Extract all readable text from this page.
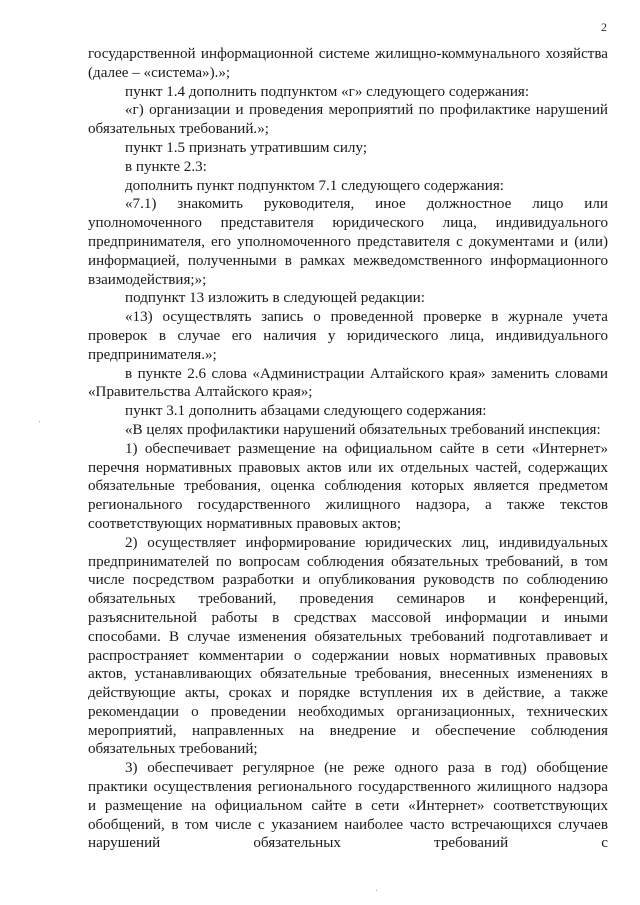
2

государственной информационной системе жилищно-коммунального хозяйства (далее – «система»).»;

пункт 1.4 дополнить подпунктом «г» следующего содержания:

«г) организации и проведения мероприятий по профилактике нарушений обязательных требований.»;

пункт 1.5 признать утратившим силу;

в пункте 2.3:

дополнить пункт подпунктом 7.1 следующего содержания:

«7.1) знакомить руководителя, иное должностное лицо или уполномоченного представителя юридического лица, индивидуального предпринимателя, его уполномоченного представителя с документами и (или) информацией, полученными в рамках межведомственного информационного взаимодействия;»;

подпункт 13 изложить в следующей редакции:

«13) осуществлять запись о проведенной проверке в журнале учета проверок в случае его наличия у юридического лица, индивидуального предпринимателя.»;

в пункте 2.6 слова «Администрации Алтайского края» заменить словами «Правительства Алтайского края»;

пункт 3.1 дополнить абзацами следующего содержания:

«В целях профилактики нарушений обязательных требований инспекция:

1) обеспечивает размещение на официальном сайте в сети «Интернет» перечня нормативных правовых актов или их отдельных частей, содержащих обязательные требования, оценка соблюдения которых является предметом регионального государственного жилищного надзора, а также текстов соответствующих нормативных правовых актов;

2) осуществляет информирование юридических лиц, индивидуальных предпринимателей по вопросам соблюдения обязательных требований, в том числе посредством разработки и опубликования руководств по соблюдению обязательных требований, проведения семинаров и конференций, разъяснительной работы в средствах массовой информации и иными способами. В случае изменения обязательных требований подготавливает и распространяет комментарии о содержании новых нормативных правовых актов, устанавливающих обязательные требования, внесенных изменениях в действующие акты, сроках и порядке вступления их в действие, а также рекомендации о проведении необходимых организационных, технических мероприятий, направленных на внедрение и обеспечение соблюдения обязательных требований;

3) обеспечивает регулярное (не реже одного раза в год) обобщение практики осуществления регионального государственного жилищного надзора и размещение на официальном сайте в сети «Интернет» соответствующих обобщений, в том числе с указанием наиболее часто встречающихся случаев нарушений обязательных требований с
